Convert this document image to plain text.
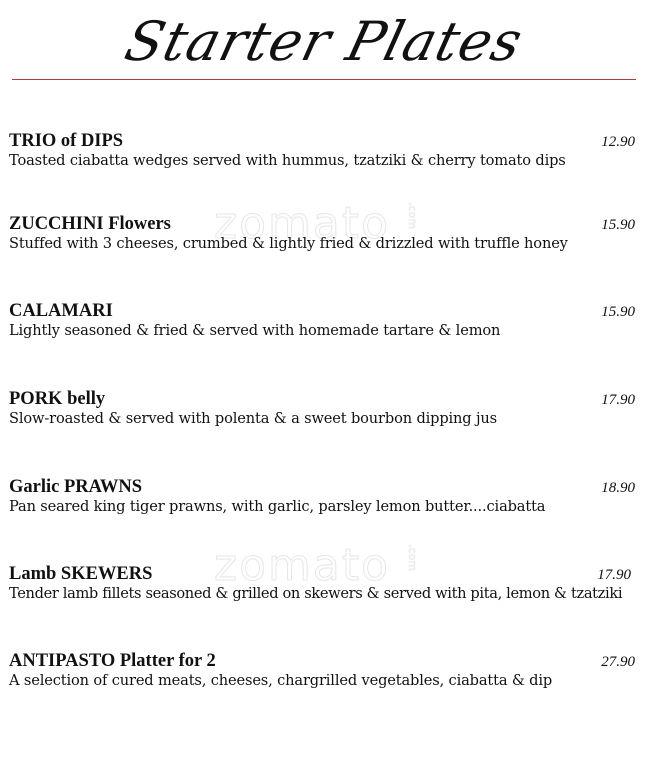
Starter Plates
zomato .com
zomato .com
TRIO of DIPS	12.90
Toasted ciabatta wedges served with hummus, tzatziki & cherry tomato dips
ZUCCHINI Flowers	15.90
Stuffed with 3 cheeses, crumbed & lightly fried & drizzled with truffle honey
CALAMARI	15.90
Lightly seasoned & fried & served with homemade tartare & lemon
PORK belly	17.90
Slow-roasted & served with polenta & a sweet bourbon dipping jus
Garlic PRAWNS	18.90
Pan seared king tiger prawns, with garlic, parsley lemon butter....ciabatta
Lamb SKEWERS	17.90
Tender lamb fillets seasoned & grilled on skewers & served with pita, lemon & tzatziki
ANTIPASTO Platter for 2	27.90
A selection of cured meats, cheeses, chargrilled vegetables, ciabatta & dip
